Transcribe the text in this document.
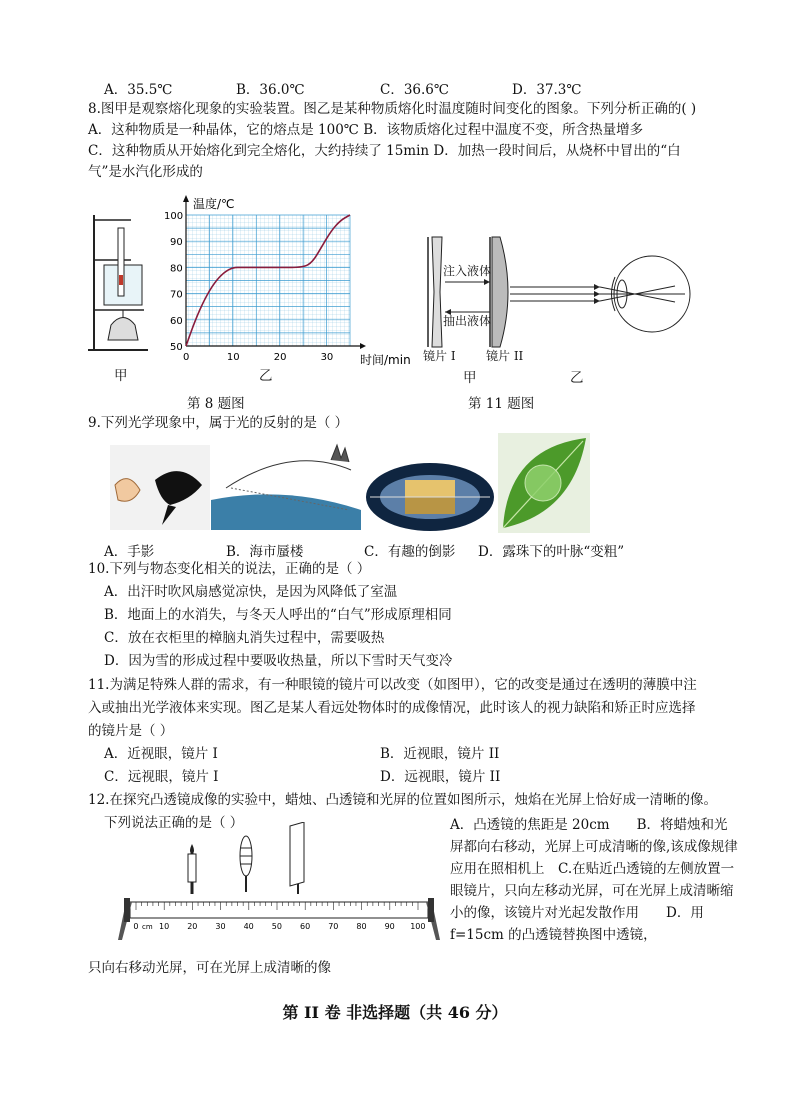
A．35.5℃	B．36.0℃	C．36.6℃	D．37.3℃
8.图甲是观察熔化现象的实验装置。图乙是某种物质熔化时温度随时间变化的图象。下列分析正确的( )
A．这种物质是一种晶体，它的熔点是 100℃ B．该物质熔化过程中温度不变，所含热量增多
C．这种物质从开始熔化到完全熔化，大约持续了 15min D．加热一段时间后，从烧杯中冒出的“白
气”是水汽化形成的
甲
温度/℃
时间/min
0	10	20	30
50
60
70
80
90
100
乙
第 8 题图
注入液体
抽出液体
镜片 I	镜片 II
甲	乙
第 11 题图
9.下列光学现象中，属于光的反射的是（ ）
A．手影	B．海市蜃楼	C．有趣的倒影 D．露珠下的叶脉“变粗”
10.下列与物态变化相关的说法，正确的是（ ）
A．出汗时吹风扇感觉凉快，是因为风降低了室温
B．地面上的水消失，与冬天人呼出的“白气”形成原理相同
C．放在衣柜里的樟脑丸消失过程中，需要吸热
D．因为雪的形成过程中要吸收热量，所以下雪时天气变冷
11.为满足特殊人群的需求，有一种眼镜的镜片可以改变（如图甲），它的改变是通过在透明的薄膜中注
入或抽出光学液体来实现。图乙是某人看远处物体时的成像情况，此时该人的视力缺陷和矫正时应选择
的镜片是（ ）
A．近视眼，镜片 I	B．近视眼，镜片 II
C．远视眼，镜片 I	D．远视眼，镜片 II
12.在探究凸透镜成像的实验中，蜡烛、凸透镜和光屏的位置如图所示，烛焰在光屏上恰好成一清晰的像。
下列说法正确的是（ ）	A．凸透镜的焦距是 20cm　　B．将蜡烛和光屏都向右移动，光屏上可成清晰的像,该成像规律应用在照相机上　C.在贴近凸透镜的左侧放置一眼镜片，只向左移动光屏，可在光屏上成清晰缩小的像，该镜片对光起发散作用　　D．用 f=15cm 的凸透镜替换图中透镜，
0	10 20 30 40 50 60 70 80 90 100
cm
只向右移动光屏，可在光屏上成清晰的像
第 II 卷 非选择题（共 46 分）
